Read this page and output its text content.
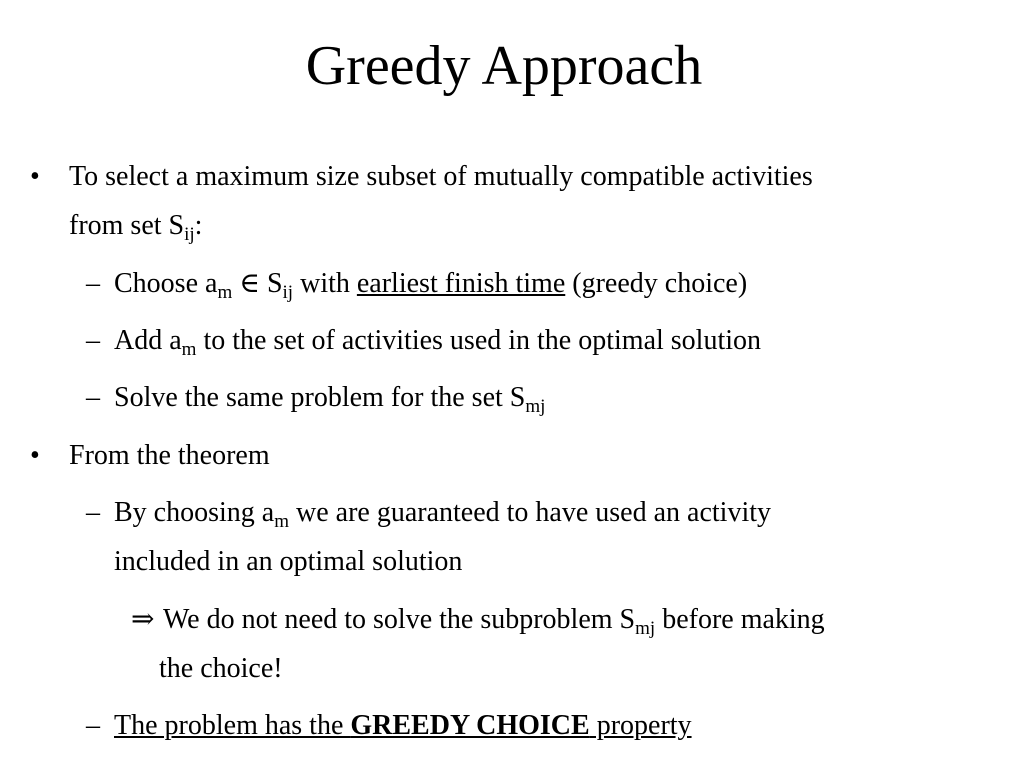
Greedy Approach
• To select a maximum size subset of mutually compatible activities
from set $S_{ij}$:
– Choose $a_m$ ∈ $S_{ij}$ with earliest finish time (greedy choice)
– Add $a_m$ to the set of activities used in the optimal solution
– Solve the same problem for the set $S_{mj}$
• From the theorem
– By choosing $a_m$ we are guaranteed to have used an activity
included in an optimal solution
⇒ We do not need to solve the subproblem $S_{mj}$ before making
the choice!
– The problem has the GREEDY CHOICE property
